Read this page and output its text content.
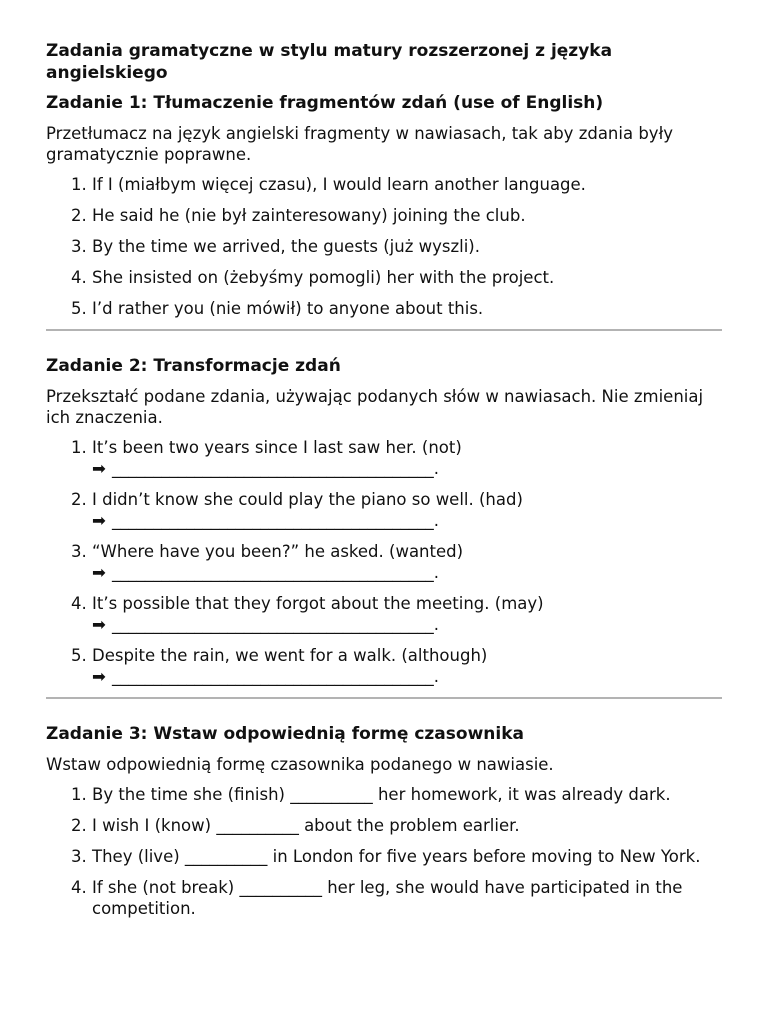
Zadania gramatyczne w stylu matury rozszerzonej z języka angielskiego
Zadanie 1: Tłumaczenie fragmentów zdań (use of English)
Przetłumacz na język angielski fragmenty w nawiasach, tak aby zdania były gramatycznie poprawne.
1. If I (miałbym więcej czasu), I would learn another language.
2. He said he (nie był zainteresowany) joining the club.
3. By the time we arrived, the guests (już wyszli).
4. She insisted on (żebyśmy pomogli) her with the project.
5. I’d rather you (nie mówił) to anyone about this.
Zadanie 2: Transformacje zdań
Przekształć podane zdania, używając podanych słów w nawiasach. Nie zmieniaj ich znaczenia.
1. It’s been two years since I last saw her. (not)
➡ _______________________________________.
2. I didn’t know she could play the piano so well. (had)
➡ _______________________________________.
3. “Where have you been?” he asked. (wanted)
➡ _______________________________________.
4. It’s possible that they forgot about the meeting. (may)
➡ _______________________________________.
5. Despite the rain, we went for a walk. (although)
➡ _______________________________________.
Zadanie 3: Wstaw odpowiednią formę czasownika
Wstaw odpowiednią formę czasownika podanego w nawiasie.
1. By the time she (finish) __________ her homework, it was already dark.
2. I wish I (know) __________ about the problem earlier.
3. They (live) __________ in London for five years before moving to New York.
4. If she (not break) __________ her leg, she would have participated in the competition.
